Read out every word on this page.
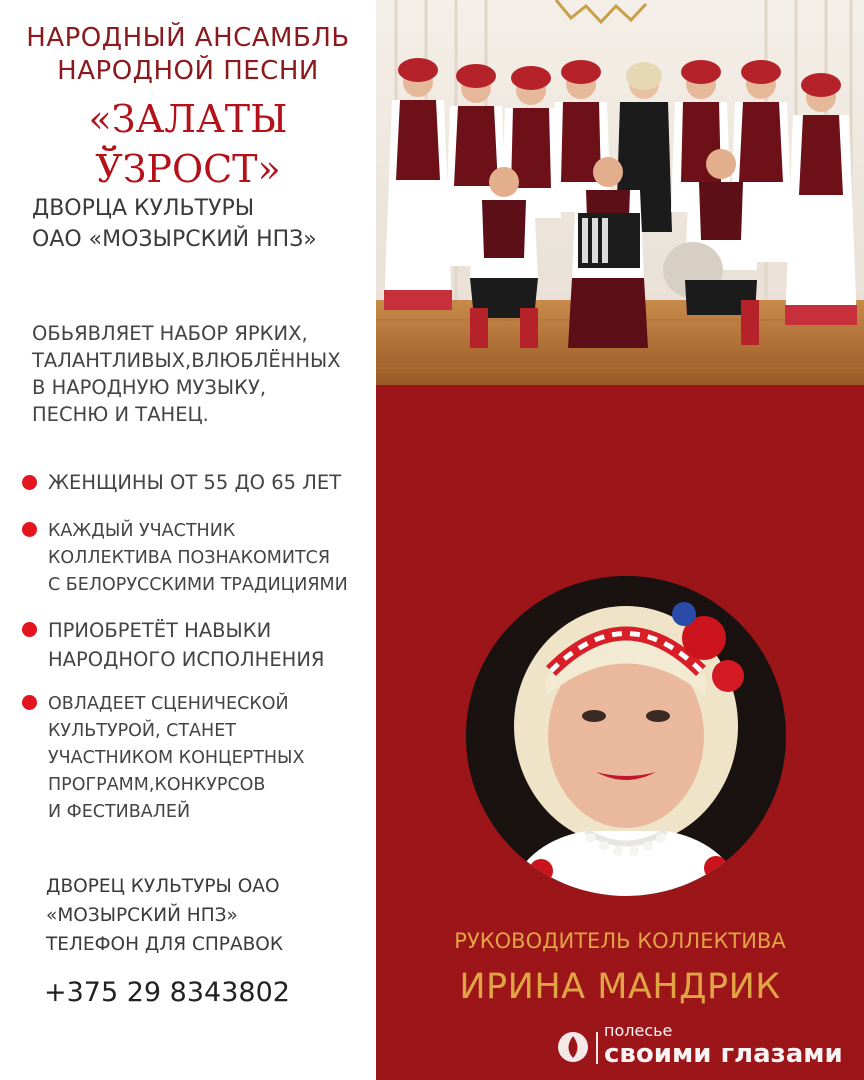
НАРОДНЫЙ АНСАМБЛЬ
НАРОДНОЙ ПЕСНИ
«ЗАЛАТЫ ЎЗРОСТ»
ДВОРЦА КУЛЬТУРЫ
ОАО «МОЗЫРСКИЙ НПЗ»
ОБЬЯВЛЯЕТ НАБОР ЯРКИХ,
ТАЛАНТЛИВЫХ,ВЛЮБЛЁННЫХ
В НАРОДНУЮ МУЗЫКУ,
ПЕСНЮ И ТАНЕЦ.
ЖЕНЩИНЫ ОТ 55 ДО 65 ЛЕТ
КАЖДЫЙ УЧАСТНИК
КОЛЛЕКТИВА ПОЗНАКОМИТСЯ
С БЕЛОРУССКИМИ ТРАДИЦИЯМИ
ПРИОБРЕТЁТ НАВЫКИ
НАРОДНОГО ИСПОЛНЕНИЯ
ОВЛАДЕЕТ СЦЕНИЧЕСКОЙ
КУЛЬТУРОЙ, СТАНЕТ
УЧАСТНИКОМ КОНЦЕРТНЫХ
ПРОГРАММ,КОНКУРСОВ
И ФЕСТИВАЛЕЙ
ДВОРЕЦ КУЛЬТУРЫ ОАО
«МОЗЫРСКИЙ НПЗ»
ТЕЛЕФОН ДЛЯ СПРАВОК
+375 29 8343802
РУКОВОДИТЕЛЬ КОЛЛЕКТИВА
ИРИНА МАНДРИК
полесье
своими глазами
